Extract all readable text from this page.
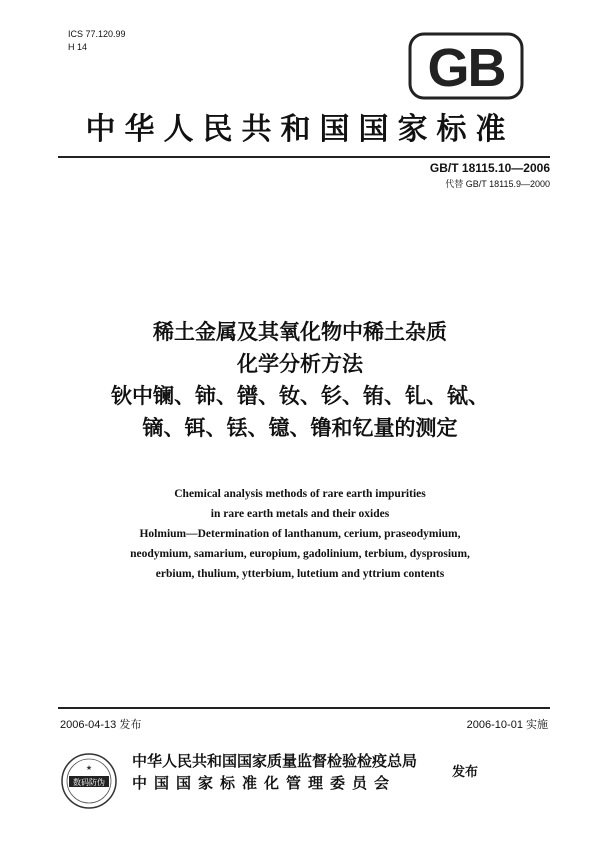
ICS 77.120.99
H 14	GB
中华人民共和国国家标准
GB/T 18115.10—2006
代替 GB/T 18115.9—2000
稀土金属及其氧化物中稀土杂质
化学分析方法
钬中镧、铈、镨、钕、钐、铕、钆、铽、
镝、铒、铥、镱、镥和钇量的测定
Chemical analysis methods of rare earth impurities
in rare earth metals and their oxides
Holmium—Determination of lanthanum, cerium, praseodymium,
neodymium, samarium, europium, gadolinium, terbium, dysprosium,
erbium, thulium, ytterbium, lutetium and yttrium contents
2006-04-13 发布	2006-10-01 实施
数码防伪
★	中华人民共和国国家质量监督检验检疫总局
中国国家标准化管理委员会
发布
